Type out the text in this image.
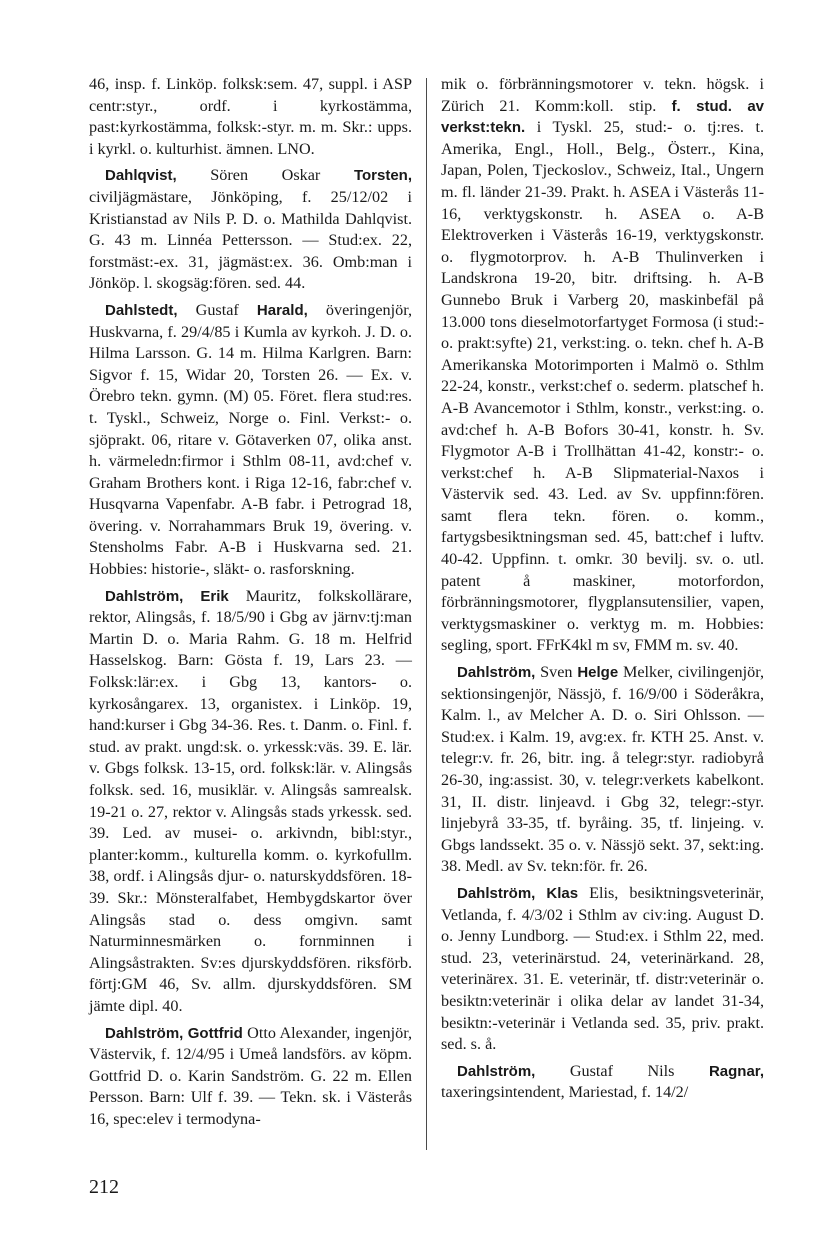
46, insp. f. Linköp. folksk:sem. 47, suppl. i ASP centr:styr., ordf. i kyrkostämma, past:kyrkostämma, folksk:-styr. m. m. Skr.: upps. i kyrkl. o. kulturhist. ämnen. LNO.

Dahlqvist, Sören Oskar Torsten, civiljägmästare, Jönköping, f. 25/12/02 i Kristianstad av Nils P. D. o. Mathilda Dahlqvist. G. 43 m. Linnéa Pettersson. — Stud:ex. 22, forstmäst:-ex. 31, jägmäst:ex. 36. Omb:man i Jönköp. l. skogsäg:fören. sed. 44.

Dahlstedt, Gustaf Harald, överingenjör, Huskvarna, f. 29/4/85 i Kumla av kyrkoh. J. D. o. Hilma Larsson. G. 14 m. Hilma Karlgren. Barn: Sigvor f. 15, Widar 20, Torsten 26. — Ex. v. Örebro tekn. gymn. (M) 05. Föret. flera stud:res. t. Tyskl., Schweiz, Norge o. Finl. Verkst:- o. sjöprakt. 06, ritare v. Götaverken 07, olika anst. h. värmeledn:firmor i Sthlm 08-11, avd:chef v. Graham Brothers kont. i Riga 12-16, fabr:chef v. Husqvarna Vapenfabr. A-B fabr. i Petrograd 18, övering. v. Norrahammars Bruk 19, övering. v. Stensholms Fabr. A-B i Huskvarna sed. 21. Hobbies: historie-, släkt- o. rasforskning.

Dahlström, Erik Mauritz, folkskollärare, rektor, Alingsås, f. 18/5/90 i Gbg av järnv:tj:man Martin D. o. Maria Rahm. G. 18 m. Helfrid Hasselskog. Barn: Gösta f. 19, Lars 23. — Folksk:lär:ex. i Gbg 13, kantors- o. kyrkosångarex. 13, organistex. i Linköp. 19, hand:kurser i Gbg 34-36. Res. t. Danm. o. Finl. f. stud. av prakt. ungd:sk. o. yrkessk:väs. 39. E. lär. v. Gbgs folksk. 13-15, ord. folksk:lär. v. Alingsås folksk. sed. 16, musiklär. v. Alingsås samrealsk. 19-21 o. 27, rektor v. Alingsås stads yrkessk. sed. 39. Led. av musei- o. arkivndn, bibl:styr., planter:komm., kulturella komm. o. kyrkofullm. 38, ordf. i Alingsås djur- o. naturskyddsfören. 18-39. Skr.: Mönsteralfabet, Hembygdskartor över Alingsås stad o. dess omgivn. samt Naturminnesmärken o. fornminnen i Alingsåstrakten. Sv:es djurskyddsfören. riksförb. förtj:GM 46, Sv. allm. djurskyddsfören. SM jämte dipl. 40.

Dahlström, Gottfrid Otto Alexander, ingenjör, Västervik, f. 12/4/95 i Umeå landsförs. av köpm. Gottfrid D. o. Karin Sandström. G. 22 m. Ellen Persson. Barn: Ulf f. 39. — Tekn. sk. i Västerås 16, spec:elev i termodyna-

mik o. förbränningsmotorer v. tekn. högsk. i Zürich 21. Komm:koll. stip. f. stud. av verkst:tekn. i Tyskl. 25, stud:- o. tj:res. t. Amerika, Engl., Holl., Belg., Österr., Kina, Japan, Polen, Tjeckoslov., Schweiz, Ital., Ungern m. fl. länder 21-39. Prakt. h. ASEA i Västerås 11-16, verktygskonstr. h. ASEA o. A-B Elektroverken i Västerås 16-19, verktygskonstr. o. flygmotorprov. h. A-B Thulinverken i Landskrona 19-20, bitr. driftsing. h. A-B Gunnebo Bruk i Varberg 20, maskinbefäl på 13.000 tons dieselmotorfartyget Formosa (i stud:- o. prakt:syfte) 21, verkst:ing. o. tekn. chef h. A-B Amerikanska Motorimporten i Malmö o. Sthlm 22-24, konstr., verkst:chef o. sederm. platschef h. A-B Avancemotor i Sthlm, konstr., verkst:ing. o. avd:chef h. A-B Bofors 30-41, konstr. h. Sv. Flygmotor A-B i Trollhättan 41-42, konstr:- o. verkst:chef h. A-B Slipmaterial-Naxos i Västervik sed. 43. Led. av Sv. uppfinn:fören. samt flera tekn. fören. o. komm., fartygsbesiktningsman sed. 45, batt:chef i luftv. 40-42. Uppfinn. t. omkr. 30 bevilj. sv. o. utl. patent å maskiner, motorfordon, förbränningsmotorer, flygplansutensilier, vapen, verktygsmaskiner o. verktyg m. m. Hobbies: segling, sport. FFrK4kl m sv, FMM m. sv. 40.

Dahlström, Sven Helge Melker, civilingenjör, sektionsingenjör, Nässjö, f. 16/9/00 i Söderåkra, Kalm. l., av Melcher A. D. o. Siri Ohlsson. — Stud:ex. i Kalm. 19, avg:ex. fr. KTH 25. Anst. v. telegr:v. fr. 26, bitr. ing. å telegr:styr. radiobyrå 26-30, ing:assist. 30, v. telegr:verkets kabelkont. 31, II. distr. linjeavd. i Gbg 32, telegr:-styr. linjebyrå 33-35, tf. byråing. 35, tf. linjeing. v. Gbgs landssekt. 35 o. v. Nässjö sekt. 37, sekt:ing. 38. Medl. av Sv. tekn:för. fr. 26.

Dahlström, Klas Elis, besiktningsveterinär, Vetlanda, f. 4/3/02 i Sthlm av civ:ing. August D. o. Jenny Lundborg. — Stud:ex. i Sthlm 22, med. stud. 23, veterinärstud. 24, veterinärkand. 28, veterinärex. 31. E. veterinär, tf. distr:veterinär o. besiktn:veterinär i olika delar av landet 31-34, besiktn:-veterinär i Vetlanda sed. 35, priv. prakt. sed. s. å.

Dahlström, Gustaf Nils Ragnar, taxeringsintendent, Mariestad, f. 14/2/

212
